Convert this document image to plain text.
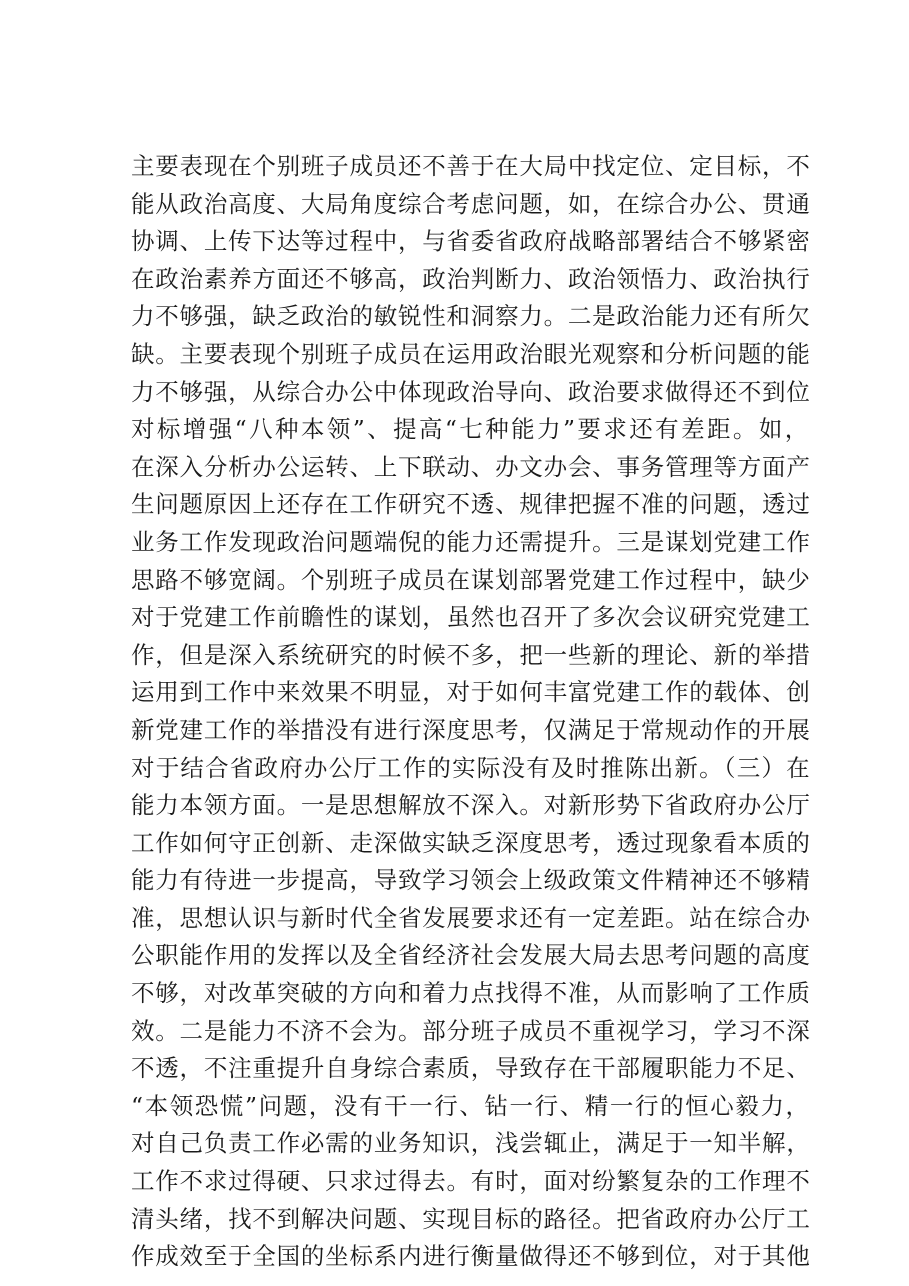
主要表现在个别班子成员还不善于在大局中找定位、定目标，不
能从政治高度、大局角度综合考虑问题，如，在综合办公、贯通
协调、上传下达等过程中，与省委省政府战略部署结合不够紧密
在政治素养方面还不够高，政治判断力、政治领悟力、政治执行
力不够强，缺乏政治的敏锐性和洞察力。二是政治能力还有所欠
缺。主要表现个别班子成员在运用政治眼光观察和分析问题的能
力不够强，从综合办公中体现政治导向、政治要求做得还不到位
对标增强“八种本领”、提高“七种能力”要求还有差距。如，
在深入分析办公运转、上下联动、办文办会、事务管理等方面产
生问题原因上还存在工作研究不透、规律把握不准的问题，透过
业务工作发现政治问题端倪的能力还需提升。三是谋划党建工作
思路不够宽阔。个别班子成员在谋划部署党建工作过程中，缺少
对于党建工作前瞻性的谋划，虽然也召开了多次会议研究党建工
作，但是深入系统研究的时候不多，把一些新的理论、新的举措
运用到工作中来效果不明显，对于如何丰富党建工作的载体、创
新党建工作的举措没有进行深度思考，仅满足于常规动作的开展
对于结合省政府办公厅工作的实际没有及时推陈出新。（三）在
能力本领方面。一是思想解放不深入。对新形势下省政府办公厅
工作如何守正创新、走深做实缺乏深度思考，透过现象看本质的
能力有待进一步提高，导致学习领会上级政策文件精神还不够精
准，思想认识与新时代全省发展要求还有一定差距。站在综合办
公职能作用的发挥以及全省经济社会发展大局去思考问题的高度
不够，对改革突破的方向和着力点找得不准，从而影响了工作质
效。二是能力不济不会为。部分班子成员不重视学习，学习不深
不透，不注重提升自身综合素质，导致存在干部履职能力不足、
“本领恐慌”问题，没有干一行、钻一行、精一行的恒心毅力，
对自己负责工作必需的业务知识，浅尝辄止，满足于一知半解，
工作不求过得硬、只求过得去。有时，面对纷繁复杂的工作理不
清头绪，找不到解决问题、实现目标的路径。把省政府办公厅工
作成效至于全国的坐标系内进行衡量做得还不够到位，对于其他
